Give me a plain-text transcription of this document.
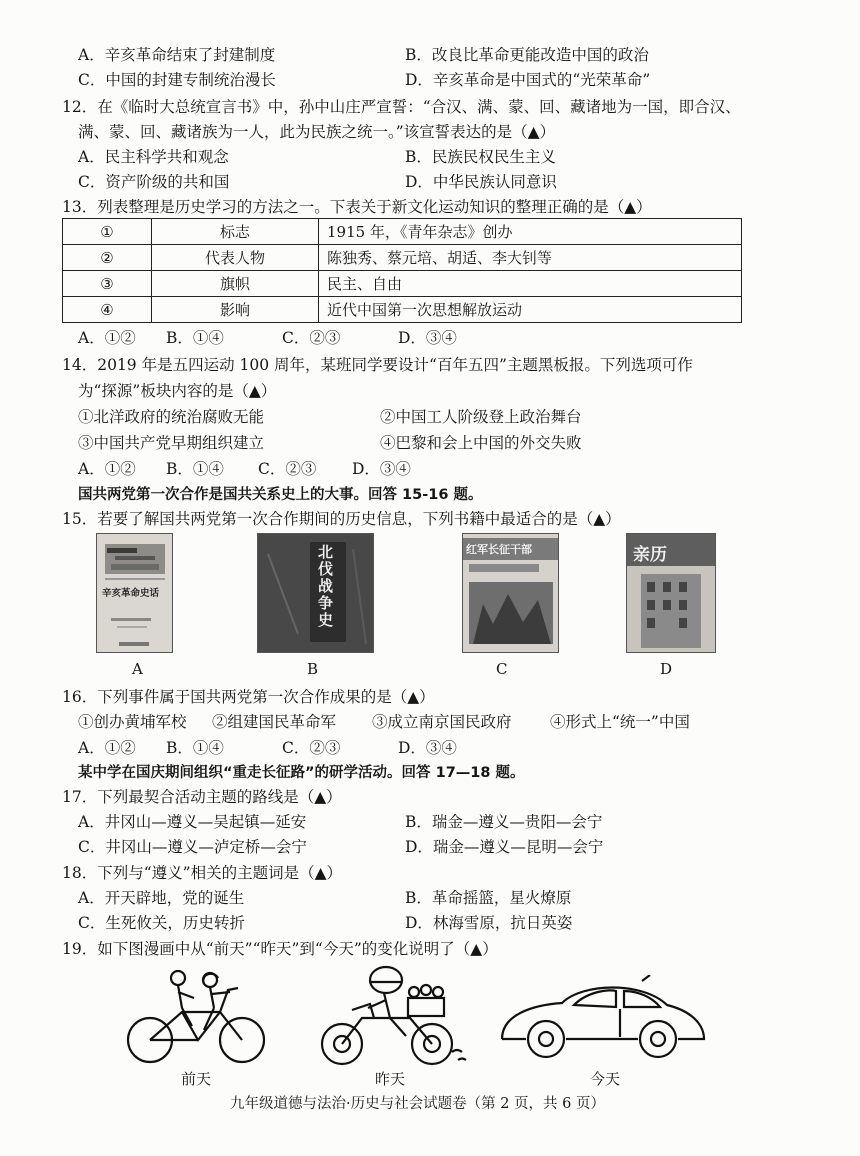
A．辛亥革命结束了封建制度	B．改良比革命更能改造中国的政治
C．中国的封建专制统治漫长	D．辛亥革命是中国式的“光荣革命”
12．在《临时大总统宣言书》中，孙中山庄严宣誓：“合汉、满、蒙、回、藏诸地为一国，即合汉、
满、蒙、回、藏诸族为一人，此为民族之统一。”该宣誓表达的是（▲）
A．民主科学共和观念	B．民族民权民生主义
C．资产阶级的共和国	D．中华民族认同意识
13．列表整理是历史学习的方法之一。下表关于新文化运动知识的整理正确的是（▲）
①	标志	1915 年，《青年杂志》创办
②	代表人物	陈独秀、蔡元培、胡适、李大钊等
③	旗帜	民主、自由
④	影响	近代中国第一次思想解放运动
A．①② B．①④	C．②③	D．③④
14．2019 年是五四运动 100 周年，某班同学要设计“百年五四”主题黑板报。下列选项可作
为“探源”板块内容的是（▲）
①北洋政府的统治腐败无能	②中国工人阶级登上政治舞台
③中国共产党早期组织建立	④巴黎和会上中国的外交失败
A．①② B．①④ C．②③ D．③④
国共两党第一次合作是国共关系史上的大事。回答 15-16 题。
15．若要了解国共两党第一次合作期间的历史信息，下列书籍中最适合的是（▲）
辛亥革命史话
A
北伐战争史
B
红军长征干部
C
亲历
D
16．下列事件属于国共两党第一次合作成果的是（▲）
①创办黄埔军校 ②组建国民革命军 ③成立南京国民政府 ④形式上“统一”中国
A．①② B．①④	C．②③	D．③④
某中学在国庆期间组织“重走长征路”的研学活动。回答 17—18 题。
17．下列最契合活动主题的路线是（▲）
A．井冈山—遵义—吴起镇—延安	B．瑞金—遵义—贵阳—会宁
C．井冈山—遵义—泸定桥—会宁	D．瑞金—遵义—昆明—会宁
18．下列与“遵义”相关的主题词是（▲）
A．开天辟地，党的诞生	B．革命摇篮，星火燎原
C．生死攸关，历史转折	D．林海雪原，抗日英姿
19．如下图漫画中从“前天”“昨天”到“今天”的变化说明了（▲）
前天	昨天	今天
九年级道德与法治·历史与社会试题卷（第 2 页，共 6 页）
